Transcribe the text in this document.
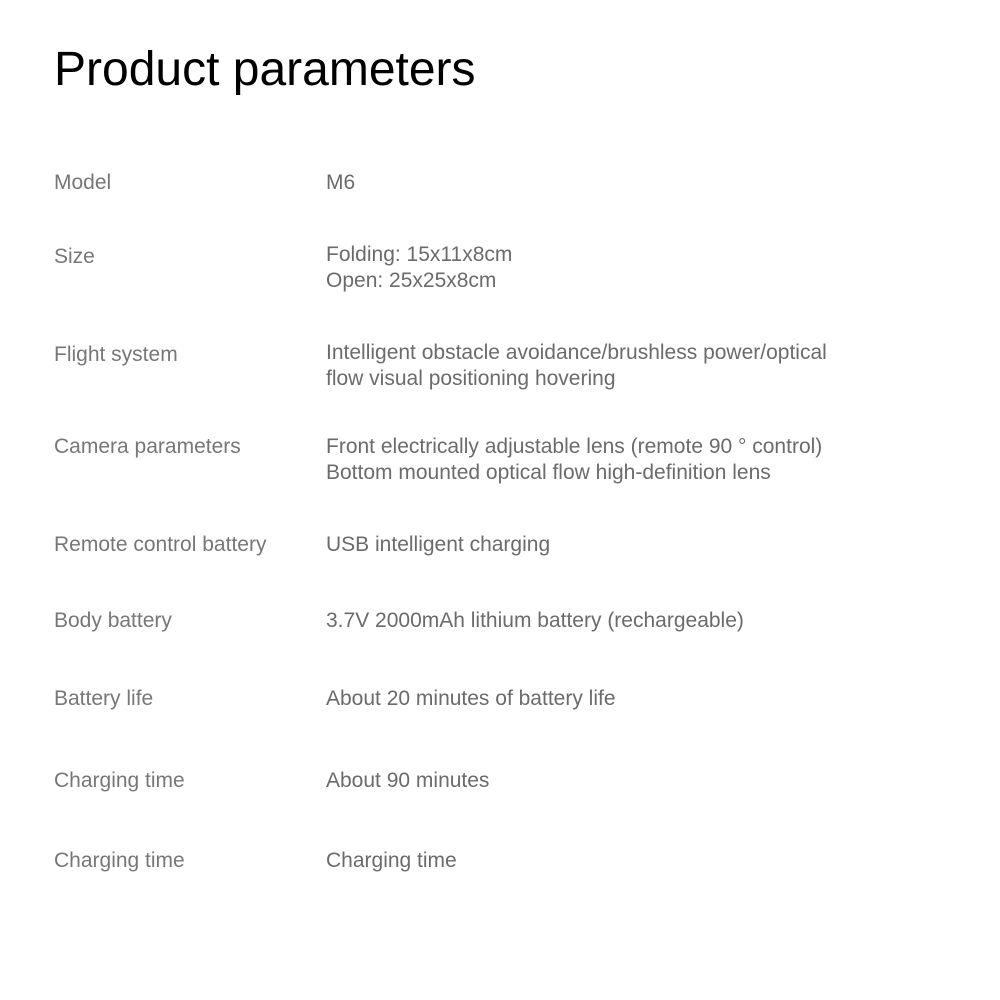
Product parameters
Model	M6
Size	Folding: 15x11x8cm
Open: 25x25x8cm
Flight system	Intelligent obstacle avoidance/brushless power/optical
flow visual positioning hovering
Camera parameters	Front electrically adjustable lens (remote 90 ° control)
Bottom mounted optical flow high-definition lens
Remote control battery	USB intelligent charging
Body battery	3.7V 2000mAh lithium battery (rechargeable)
Battery life	About 20 minutes of battery life
Charging time	About 90 minutes
Charging time	Charging time
